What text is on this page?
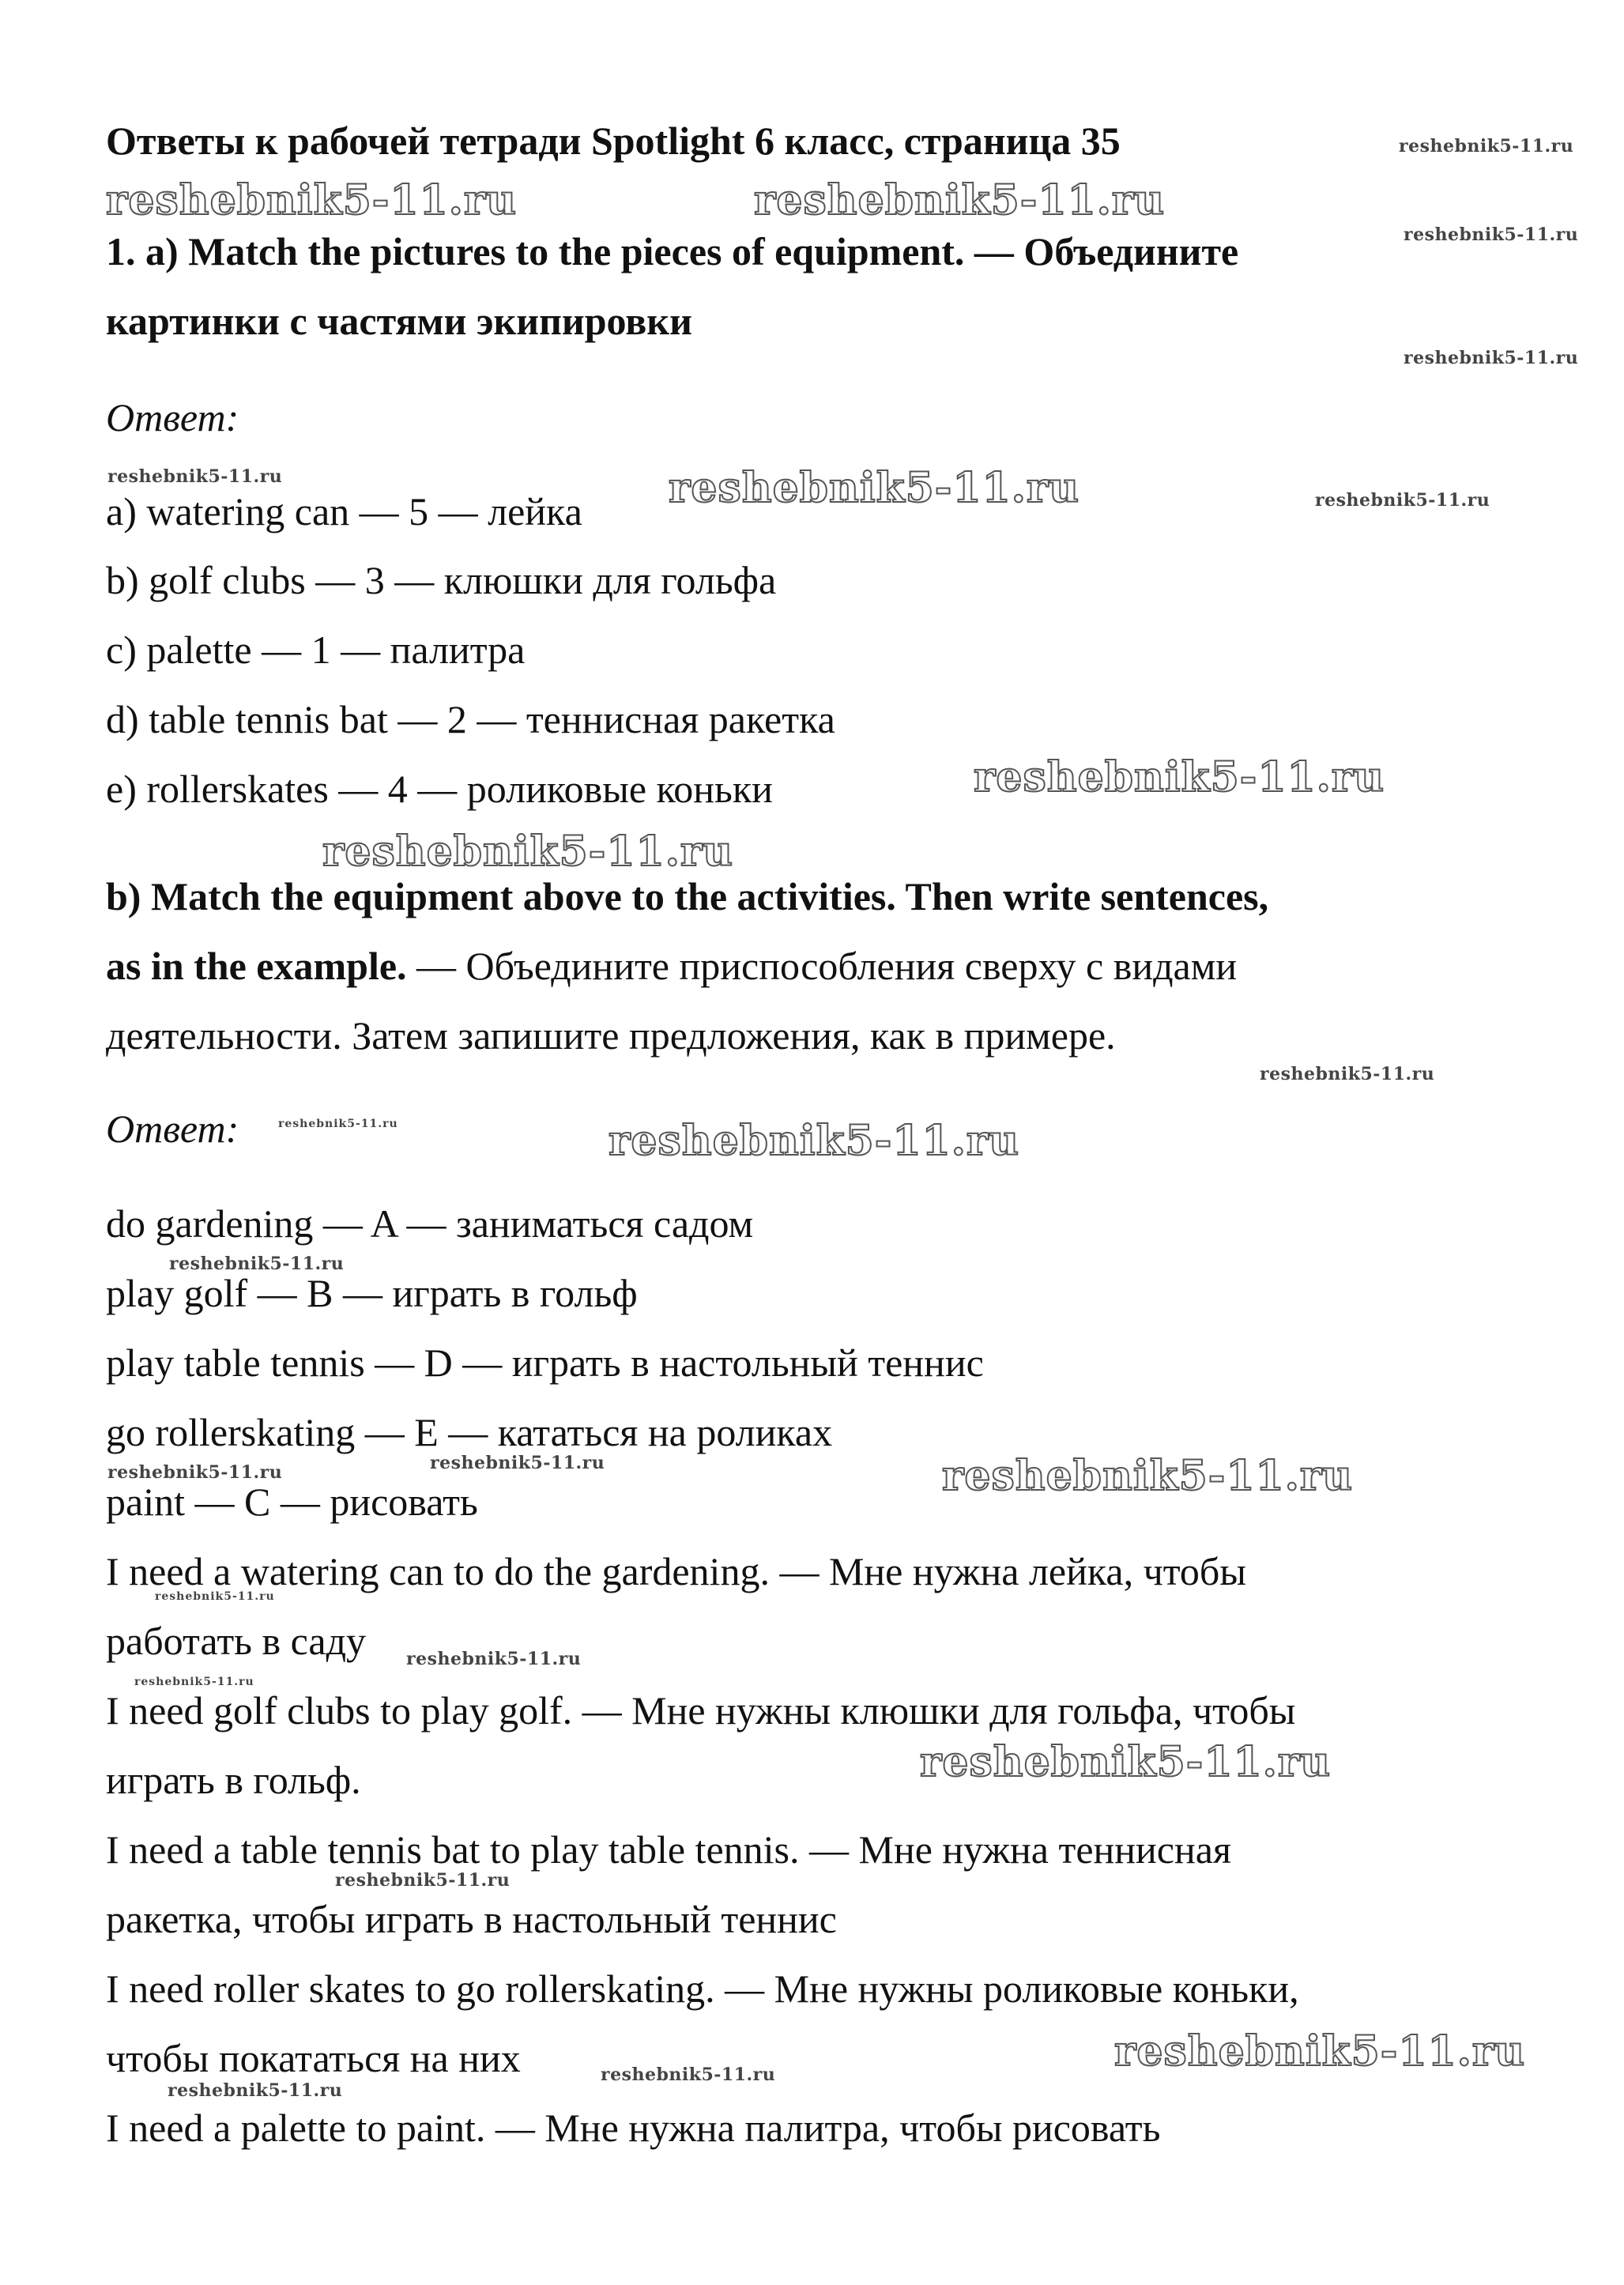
Ответы к рабочей тетради Spotlight 6 класс, страница 35
1. a) Match the pictures to the pieces of equipment. — Объедините
картинки с частями экипировки
Ответ:
a) watering can — 5 — лейка
b) golf clubs — 3 — клюшки для гольфа
c) palette — 1 — палитра
d) table tennis bat — 2 — теннисная ракетка
e) rollerskates — 4 — роликовые коньки
b) Match the equipment above to the activities. Then write sentences,
as in the example. — Объедините приспособления сверху с видами
деятельности. Затем запишите предложения, как в примере.
Ответ:
do gardening — A — заниматься садом
play golf — B — играть в гольф
play table tennis — D — играть в настольный теннис
go rollerskating — E — кататься на роликах
paint — C — рисовать
I need a watering can to do the gardening. — Мне нужна лейка, чтобы
работать в саду
I need golf clubs to play golf. — Мне нужны клюшки для гольфа, чтобы
играть в гольф.
I need a table tennis bat to play table tennis. — Мне нужна теннисная
ракетка, чтобы играть в настольный теннис
I need roller skates to go rollerskating. — Мне нужны роликовые коньки,
чтобы покататься на них
I need a palette to paint. — Мне нужна палитра, чтобы рисовать
reshebnik5-11.ru
reshebnik5-11.ru	reshebnik5-11.ru
reshebnik5-11.ru
reshebnik5-11.ru
reshebnik5-11.ru	reshebnik5-11.ru	reshebnik5-11.ru
reshebnik5-11.ru
reshebnik5-11.ru
reshebnik5-11.ru
reshebnik5-11.ru	reshebnik5-11.ru
reshebnik5-11.ru
reshebnik5-11.ru	reshebnik5-11.ru	reshebnik5-11.ru
reshebnik5-11.ru
reshebnik5-11.ru
reshebnik5-11.ru
reshebnik5-11.ru
reshebnik5-11.ru
reshebnik5-11.ru
reshebnik5-11.ru
reshebnik5-11.ru
